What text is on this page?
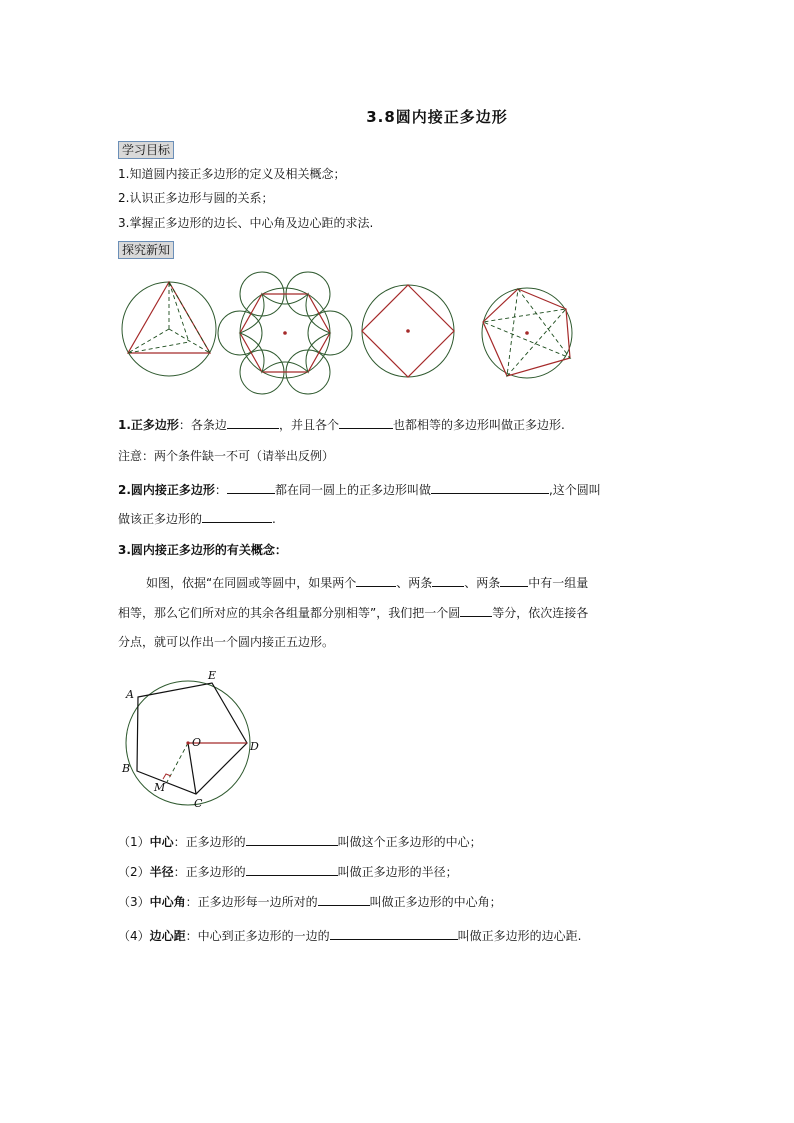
3.8圆内接正多边形
学习目标
1.知道圆内接正多边形的定义及相关概念；
2.认识正多边形与圆的关系；
3.掌握正多边形的边长、中心角及边心距的求法.
探究新知
1.正多边形：各条边	，并且各个	也都相等的多边形叫做正多边形.
注意：两个条件缺一不可（请举出反例）
2.圆内接正多边形：	都在同一圆上的正多边形叫做	,这个圆叫
做该正多边形的	.
3.圆内接正多边形的有关概念：
如图，依据“在同圆或等圆中，如果两个	、两条	、两条 中有一组量
相等，那么它们所对应的其余各组量都分别相等”，我们把一个圆	等分，依次连接各
分点，就可以作出一个圆内接正五边形。
A
E
D
O
B
M
C
（1）中心：正多边形的	叫做这个正多边形的中心；
（2）半径：正多边形的	叫做正多边形的半径；
（3）中心角：正多边形每一边所对的	叫做正多边形的中心角；
（4）边心距：中心到正多边形的一边的	叫做正多边形的边心距.
